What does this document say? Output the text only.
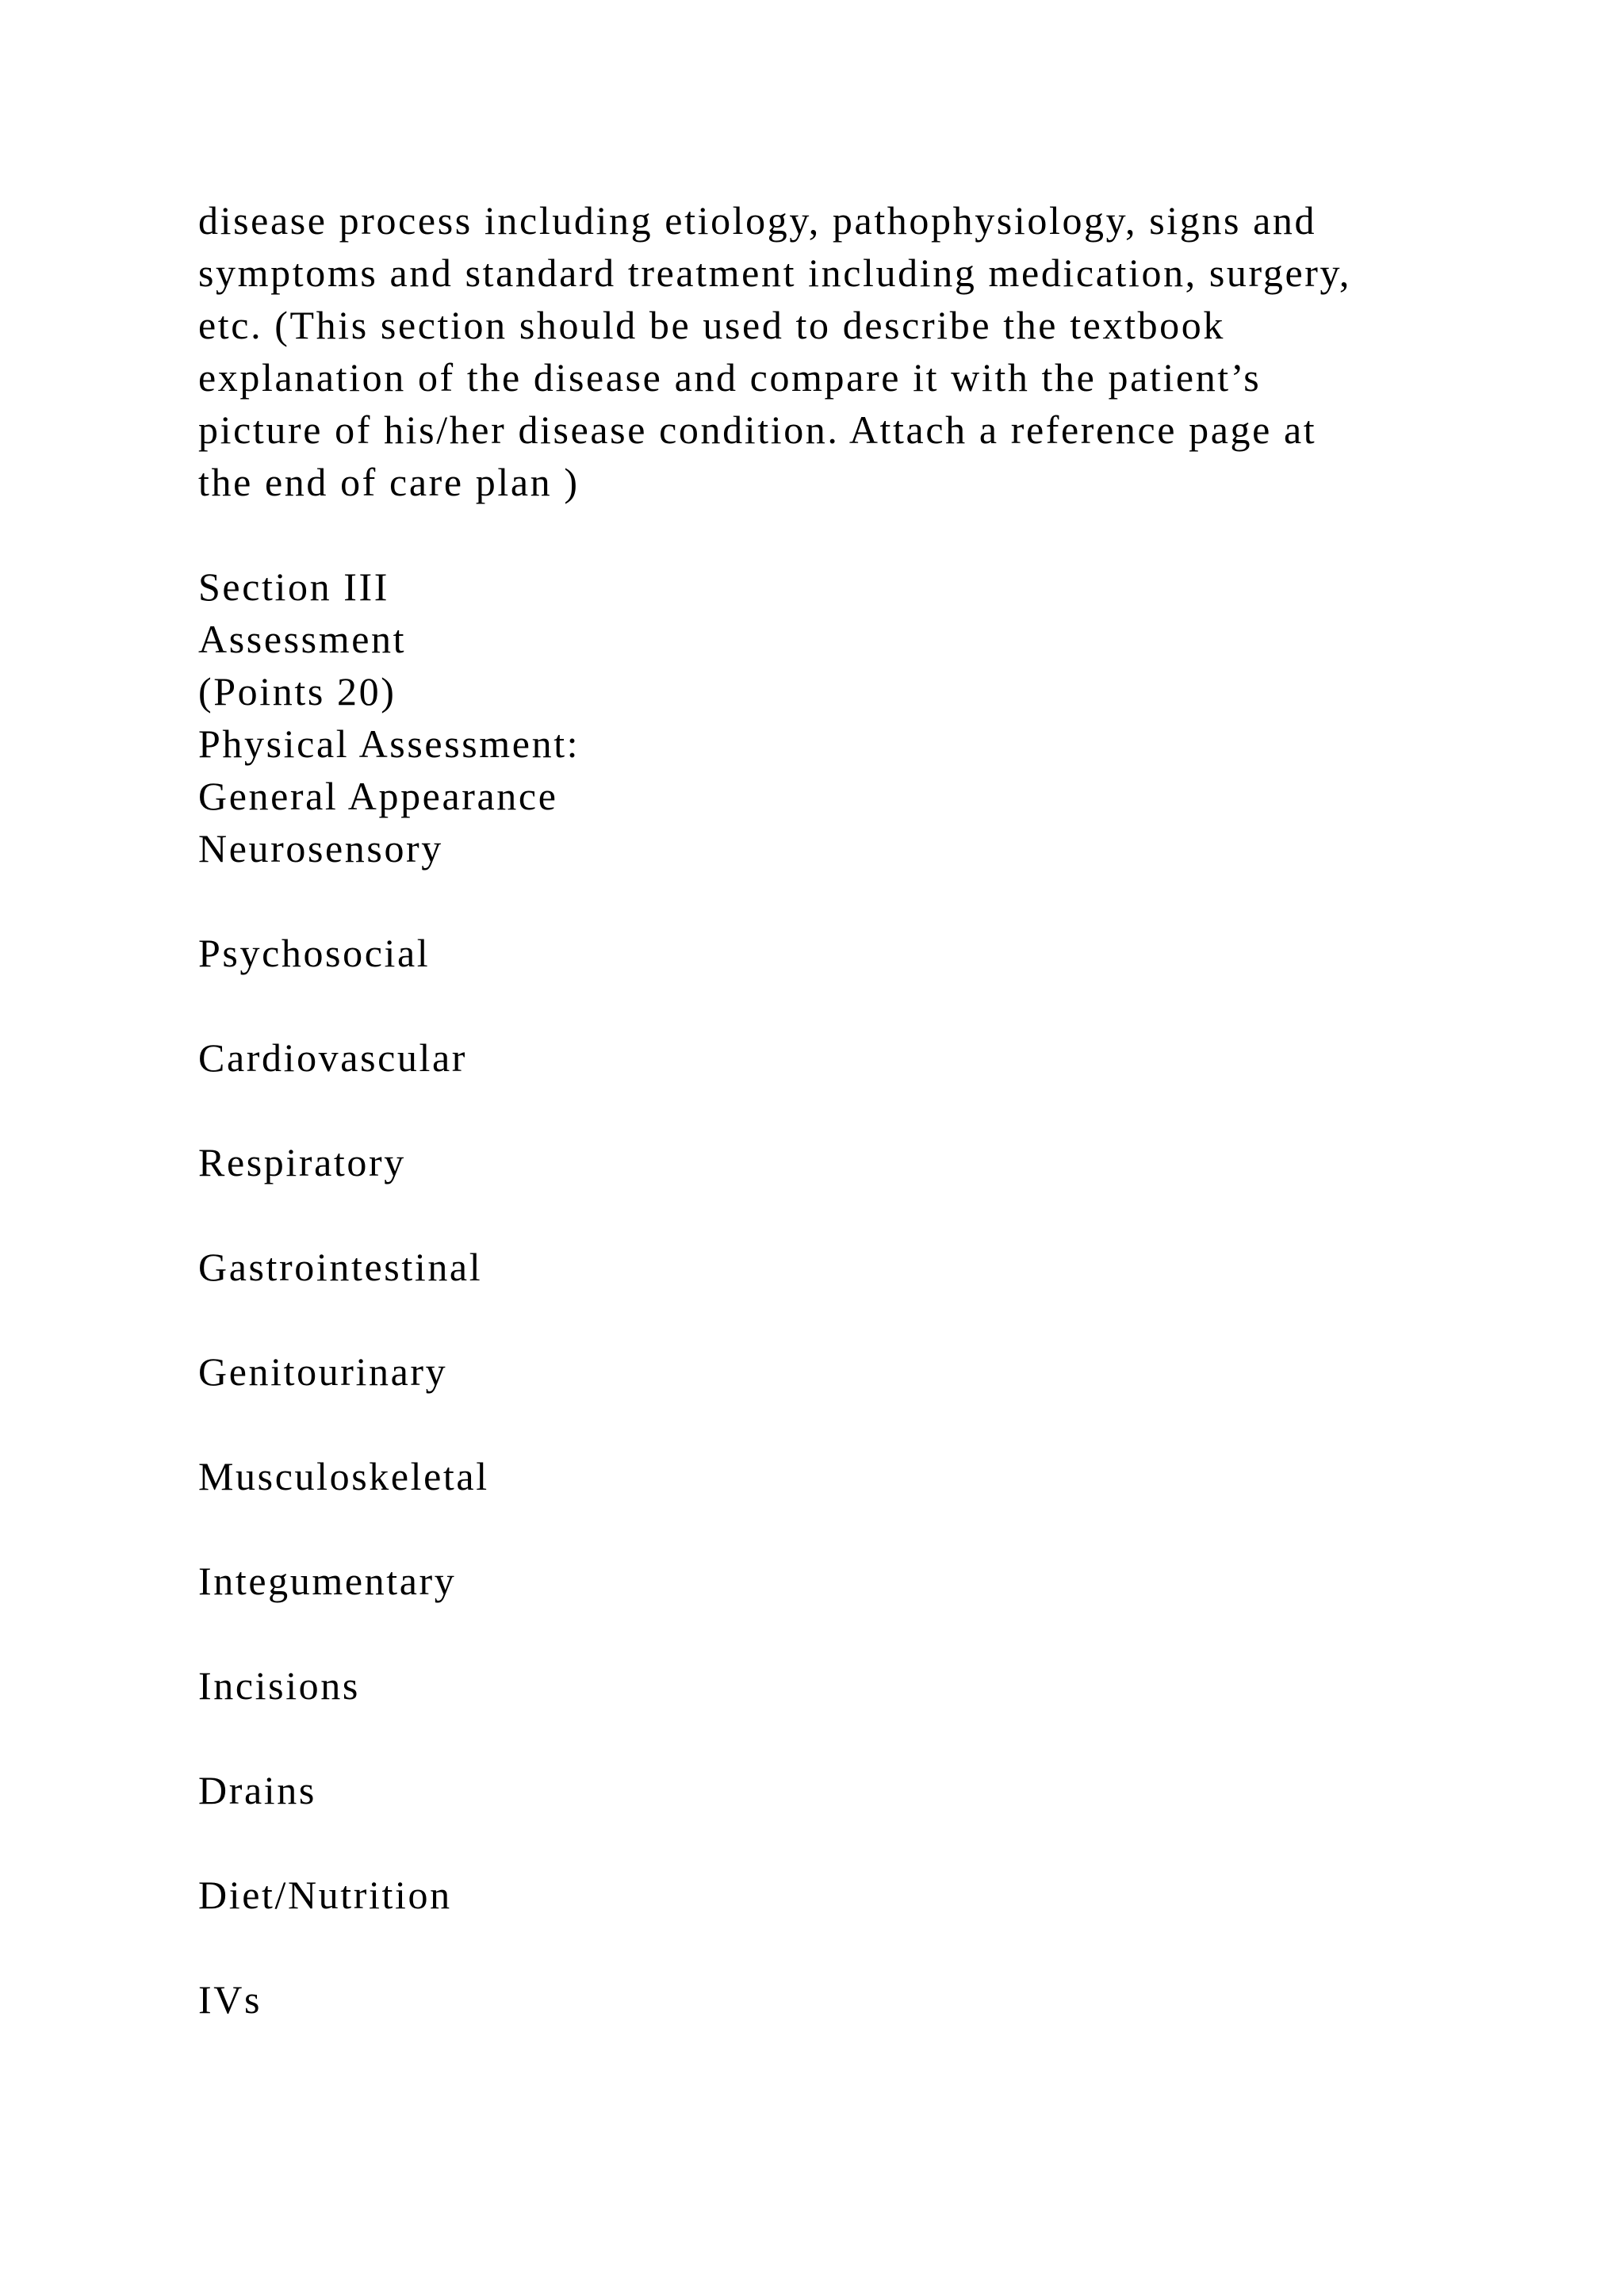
disease process including etiology, pathophysiology, signs and
symptoms and standard treatment including medication, surgery,
etc. (This section should be used to describe the textbook
explanation of the disease and compare it with the patient’s
picture of his/her disease condition. Attach a reference page at
the end of care plan )
Section III
Assessment
(Points 20)
Physical Assessment:
General Appearance
Neurosensory
Psychosocial
Cardiovascular
Respiratory
Gastrointestinal
Genitourinary
Musculoskeletal
Integumentary
Incisions
Drains
Diet/Nutrition
IVs
